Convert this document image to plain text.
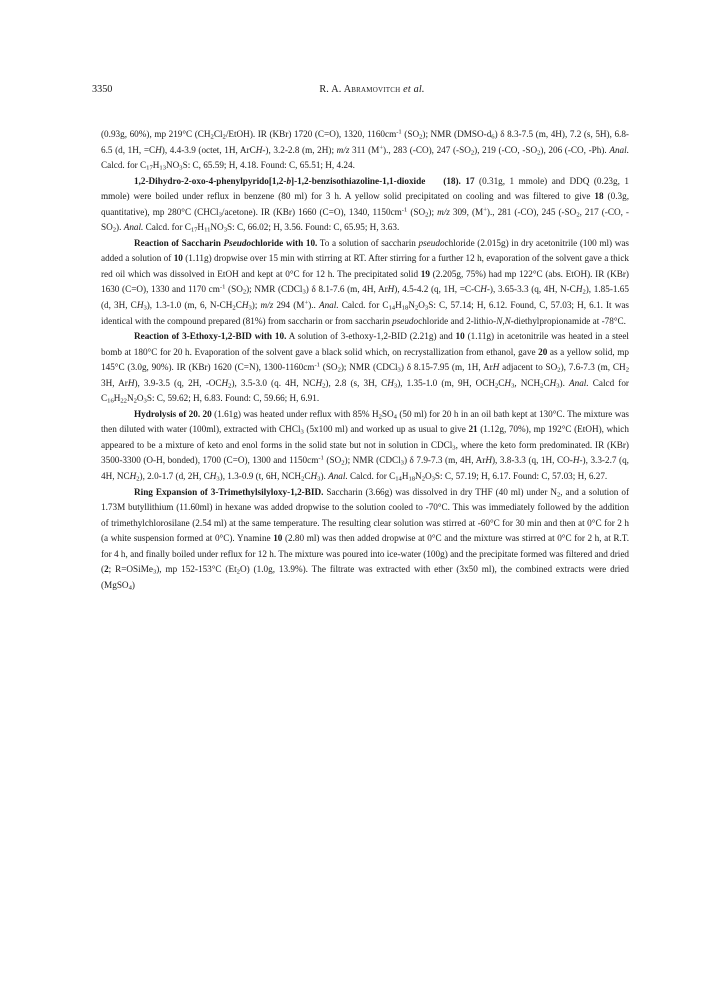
3350	R. A. Abramovitch et al.

(0.93g, 60%), mp 219°C $(CH_2Cl_2/EtOH)$. IR (KBr) 1720 (C=O), 1320, $1160cm^{-1}$ $(SO_2)$; NMR $(DMSO-d_6)$ δ 8.3-7.5 (m, 4H), 7.2 (s, 5H), 6.8-6.5 (d, 1H, =CH), 4.4-3.9 (octet, 1H, ArCH-), 3.2-2.8 (m, 2H); m/z 311 (M+)., 283 (-CO), 247 $(-SO_2)$, 219 (-CO, $-SO_2$), 206 (-CO, -Ph). Anal. Calcd. for $C_{17}H_{13}NO_3S$: C, 65.59; H, 4.18. Found: C, 65.51; H, 4.24.

1,2-Dihydro-2-oxo-4-phenylpyrido[1,2-b]-1,2-benzisothiazoline-1,1-dioxide    (18). 17 (0.31g, 1 mmole) and DDQ (0.23g, 1 mmole) were boiled under reflux in benzene (80 ml) for 3 h. A yellow solid precipitated on cooling and was filtered to give 18 (0.3g, quantitative), mp 280°C (CHCl$_3$/acetone). IR (KBr) 1660 (C=O), 1340, $1150cm^{-1}$ $(SO_2)$; m/z 309, (M+)., 281 (-CO), 245 ($-SO_2$, 217 (-CO, $-SO_2$). Anal. Calcd. for $C_{17}H_{11}NO_3S$: C, 66.02; H, 3.56. Found: C, 65.95; H, 3.63.

Reaction of Saccharin Pseudochloride with 10. To a solution of saccharin pseudochloride (2.015g) in dry acetonitrile (100 ml) was added a solution of 10 (1.11g) dropwise over 15 min with stirring at RT. After stirring for a further 12 h, evaporation of the solvent gave a thick red oil which was dissolved in EtOH and kept at 0°C for 12 h. The precipitated solid 19 (2.205g, 75%) had mp 122°C (abs. EtOH). IR (KBr) 1630 (C=O), 1330 and 1170 $cm^{-1}$ $(SO_2)$; NMR (CDCl$_3$) δ 8.1-7.6 (m, 4H, ArH), 4.5-4.2 (q, 1H, =C-CH-), 3.65-3.3 (q, 4H, $N-CH_2$), 1.85-1.65 (d, 3H, $CH_3$), 1.3-1.0 (m, 6, $N-CH_2CH_3$); m/z 294 (M+).. Anal. Calcd. for $C_{14}H_{18}N_2O_3S$: C, 57.14; H, 6.12. Found, C, 57.03; H, 6.1. It was identical with the compound prepared (81%) from saccharin or from saccharin pseudochloride and 2-lithio-N,N-diethylpropionamide at -78°C.

Reaction of 3-Ethoxy-1,2-BID with 10. A solution of 3-ethoxy-1,2-BID (2.21g) and 10 (1.11g) in acetonitrile was heated in a steel bomb at 180°C for 20 h. Evaporation of the solvent gave a black solid which, on recrystallization from ethanol, gave 20 as a yellow solid, mp 145°C (3.0g, 90%). IR (KBr) 1620 (C=N), $1300-1160cm^{-1}$ $(SO_2)$; NMR (CDCl$_3$) δ 8.15-7.95 (m, 1H, ArH adjacent to $SO_2$), 7.6-7.3 (m, $CH_2$ 3H, ArH), 3.9-3.5 (q, 2H, $-OCH_2$), 3.5-3.0 (q. 4H, $NCH_2$), 2.8 (s, 3H, $CH_3$), 1.35-1.0 (m, 9H, $OCH_2CH_3$, $NCH_2CH_3$). Anal. Calcd for $C_{16}H_{22}N_2O_3S$: C, 59.62; H, 6.83. Found: C, 59.66; H, 6.91.

Hydrolysis of 20. 20 (1.61g) was heated under reflux with 85% $H_2SO_4$ (50 ml) for 20 h in an oil bath kept at 130°C. The mixture was then diluted with water (100ml), extracted with CHCl$_3$ (5x100 ml) and worked up as usual to give 21 (1.12g, 70%), mp 192°C (EtOH), which appeared to be a mixture of keto and enol forms in the solid state but not in solution in CDCl$_3$, where the keto form predominated. IR (KBr) 3500-3300 (O-H, bonded), 1700 (C=O), 1300 and $1150cm^{-1}$ $(SO_2)$; NMR (CDCl$_3$) δ 7.9-7.3 (m, 4H, ArH), 3.8-3.3 (q, 1H, CO-H-), 3.3-2.7 (q, 4H, $NCH_2$), 2.0-1.7 (d, 2H, $CH_3$), 1.3-0.9 (t, 6H, $NCH_2CH_3$). Anal. Calcd. for $C_{14}H_{18}N_2O_3S$: C, 57.19; H, 6.17. Found: C, 57.03; H, 6.27.

Ring Expansion of 3-Trimethylsilyloxy-1,2-BID. Saccharin (3.66g) was dissolved in dry THF (40 ml) under $N_2$, and a solution of 1.73M butyllithium (11.60ml) in hexane was added dropwise to the solution cooled to -70°C. This was immediately followed by the addition of trimethylchlorosilane (2.54 ml) at the same temperature. The resulting clear solution was stirred at -60°C for 30 min and then at 0°C for 2 h (a white suspension formed at 0°C). Ynamine 10 (2.80 ml) was then added dropwise at 0°C and the mixture was stirred at 0°C for 2 h, at R.T. for 4 h, and finally boiled under reflux for 12 h. The mixture was poured into ice-water (100g) and the precipitate formed was filtered and dried (2; R=OSiMe$_3$), mp 152-153°C $(Et_2O)$ (1.0g, 13.9%). The filtrate was extracted with ether (3x50 ml), the combined extracts were dried (MgSO$_4$)
